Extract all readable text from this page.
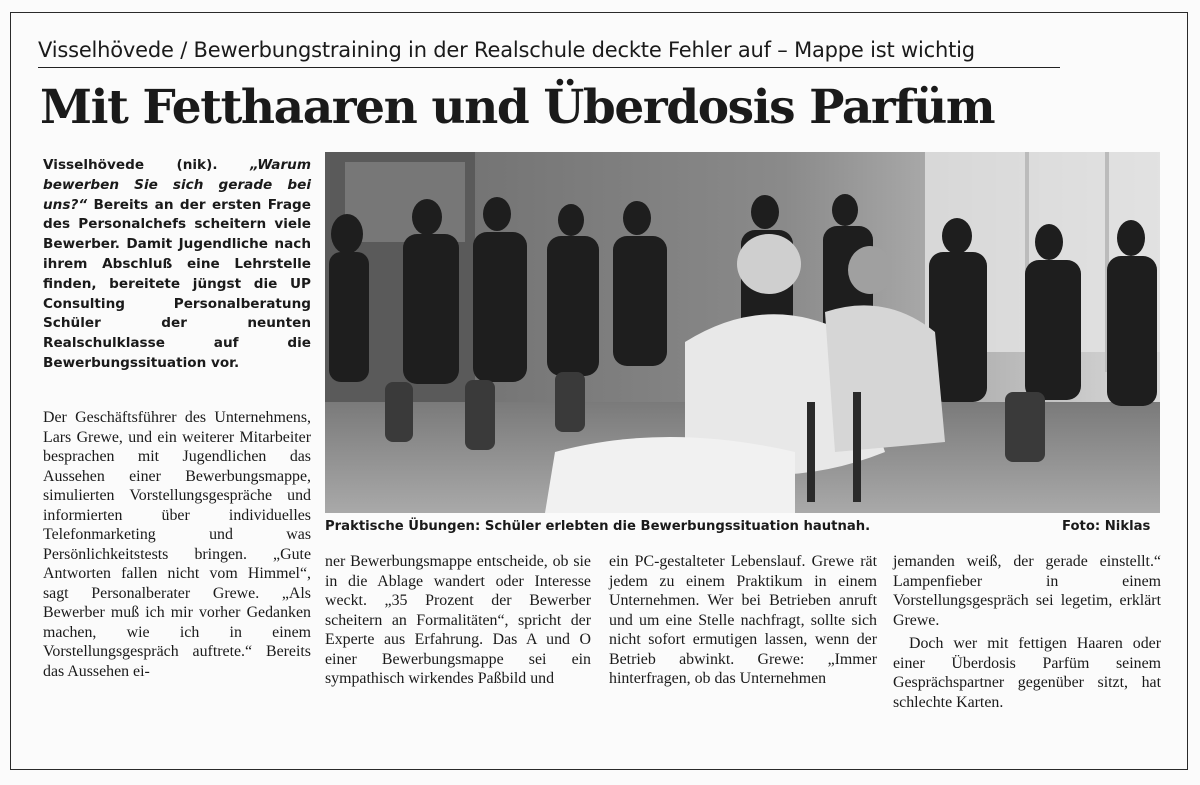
Visselhövede / Bewerbungstraining in der Realschule deckte Fehler auf – Mappe ist wichtig
Mit Fetthaaren und Überdosis Parfüm

Visselhövede (nik). „Warum bewerben Sie sich gerade bei uns?“ Bereits an der ersten Frage des Personalchefs scheitern viele Bewerber. Damit Jugendliche nach ihrem Abschluß eine Lehrstelle finden, bereitete jüngst die UP Consulting Personalberatung Schüler der neunten Realschulklasse auf die Bewerbungssituation vor.

Praktische Übungen: Schüler erlebten die Bewerbungssituation hautnah.	Foto: Niklas

Der Geschäftsführer des Unternehmens, Lars Grewe, und ein weiterer Mitarbeiter besprachen mit Jugendlichen das Aussehen einer Bewerbungsmappe, simulierten Vorstellungsgespräche und informierten über individuelles Telefonmarketing und was Persönlichkeitstests bringen. „Gute Antworten fallen nicht vom Himmel“, sagt Personalberater Grewe. „Als Bewerber muß ich mir vorher Gedanken machen, wie ich in einem Vorstellungsgespräch auftrete.“ Bereits das Aussehen ei-

ner Bewerbungsmappe entscheide, ob sie in die Ablage wandert oder Interesse weckt. „35 Prozent der Bewerber scheitern an Formalitäten“, spricht der Experte aus Erfahrung. Das A und O einer Bewerbungsmappe sei ein sympathisch wirkendes Paßbild und

ein PC-gestalteter Lebenslauf. Grewe rät jedem zu einem Praktikum in einem Unternehmen. Wer bei Betrieben anruft und um eine Stelle nachfragt, sollte sich nicht sofort ermutigen lassen, wenn der Betrieb abwinkt. Grewe: „Immer hinterfragen, ob das Unternehmen

jemanden weiß, der gerade einstellt.“ Lampenfieber in einem Vorstellungsgespräch sei legetim, erklärt Grewe.

Doch wer mit fettigen Haaren oder einer Überdosis Parfüm seinem Gesprächspartner gegenüber sitzt, hat schlechte Karten.
